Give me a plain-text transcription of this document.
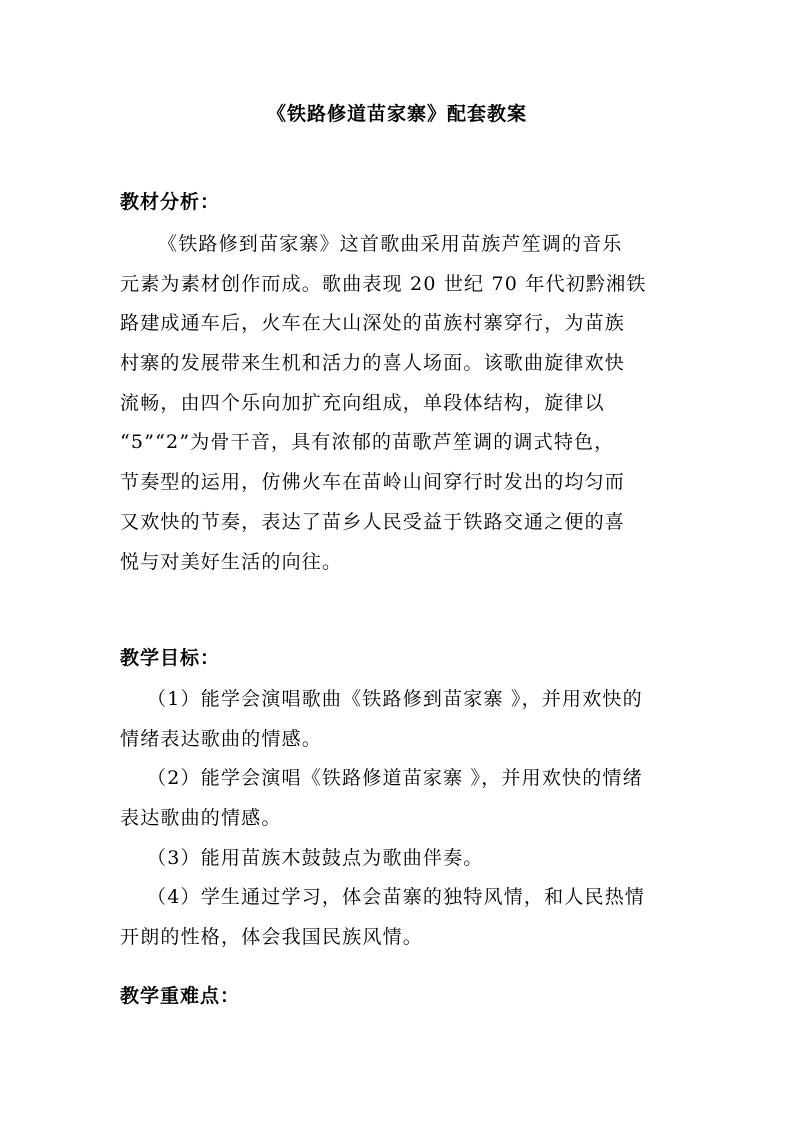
《铁路修道苗家寨》配套教案
教材分析：
《铁路修到苗家寨》这首歌曲采用苗族芦笙调的音乐
元素为素材创作而成。歌曲表现 20 世纪 70 年代初黔湘铁
路建成通车后，火车在大山深处的苗族村寨穿行，为苗族
村寨的发展带来生机和活力的喜人场面。该歌曲旋律欢快
流畅，由四个乐向加扩充向组成，单段体结构，旋律以
“5”“2”为骨干音，具有浓郁的苗歌芦笙调的调式特色，
节奏型的运用，仿佛火车在苗岭山间穿行时发出的均匀而
又欢快的节奏，表达了苗乡人民受益于铁路交通之便的喜
悦与对美好生活的向往。
教学目标：
（1）能学会演唱歌曲《铁路修到苗家寨 》，并用欢快的
情绪表达歌曲的情感。
（2）能学会演唱《铁路修道苗家寨 》，并用欢快的情绪
表达歌曲的情感。
（3）能用苗族木鼓鼓点为歌曲伴奏。
（4）学生通过学习，体会苗寨的独特风情，和人民热情
开朗的性格，体会我国民族风情。
教学重难点：
